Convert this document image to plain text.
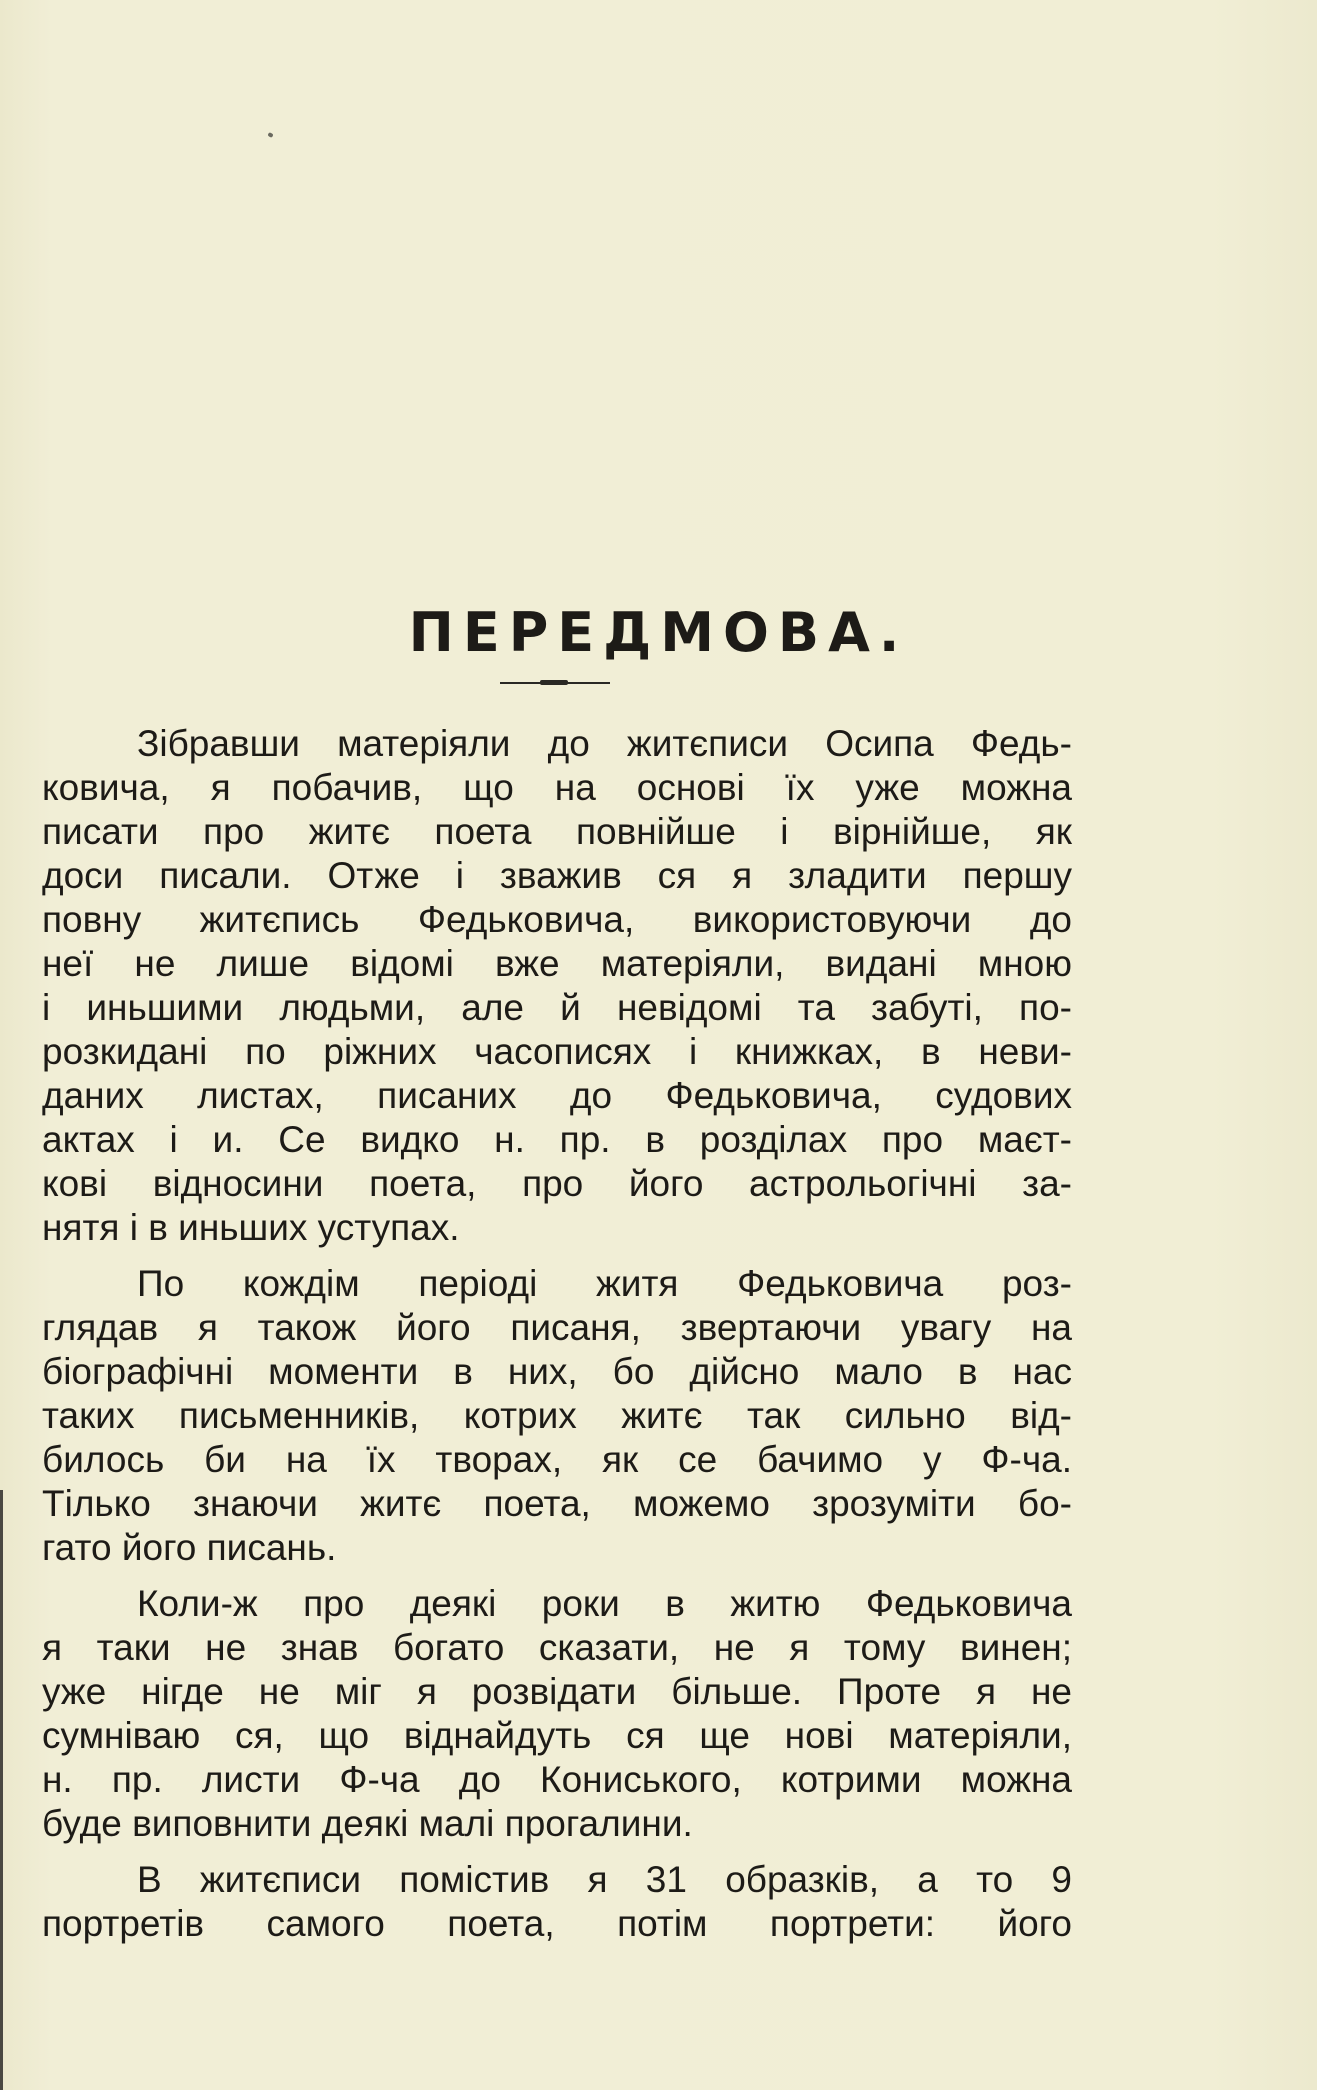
ПЕРЕДМОВА.
Зібравши матеріяли до житєписи Осипа Федь-
ковича, я побачив, що на основі їх уже можна
писати про житє поета повнійше і вірнійше, як
доси писали. Отже і зважив ся я зладити першу
повну житєпись Федьковича, використовуючи до
неї не лише відомі вже матеріяли, видані мною
і иньшими людьми, але й невідомі та забуті, по-
розкидані по ріжних часописях і книжках, в неви-
даних листах, писаних до Федьковича, судових
актах і и. Се видко н. пр. в розділах про маєт-
кові відносини поета, про його астрольогічні за-
нятя і в иньших уступах.
По кождім періоді житя Федьковича роз-
глядав я також його писаня, звертаючи увагу на
біографічні моменти в них, бо дійсно мало в нас
таких письменників, котрих житє так сильно від-
билось би на їх творах, як се бачимо у Ф-ча.
Тілько знаючи житє поета, можемо зрозуміти бо-
гато його писань.
Коли-ж про деякі роки в житю Федьковича
я таки не знав богато сказати, не я тому винен;
уже нігде не міг я розвідати більше. Проте я не
сумніваю ся, що віднайдуть ся ще нові матеріяли,
н. пр. листи Ф-ча до Кониського, котрими можна
буде виповнити деякі малі прогалини.
В житєписи помістив я 31 образків, а то 9
портретів самого поета, потім портрети: його
